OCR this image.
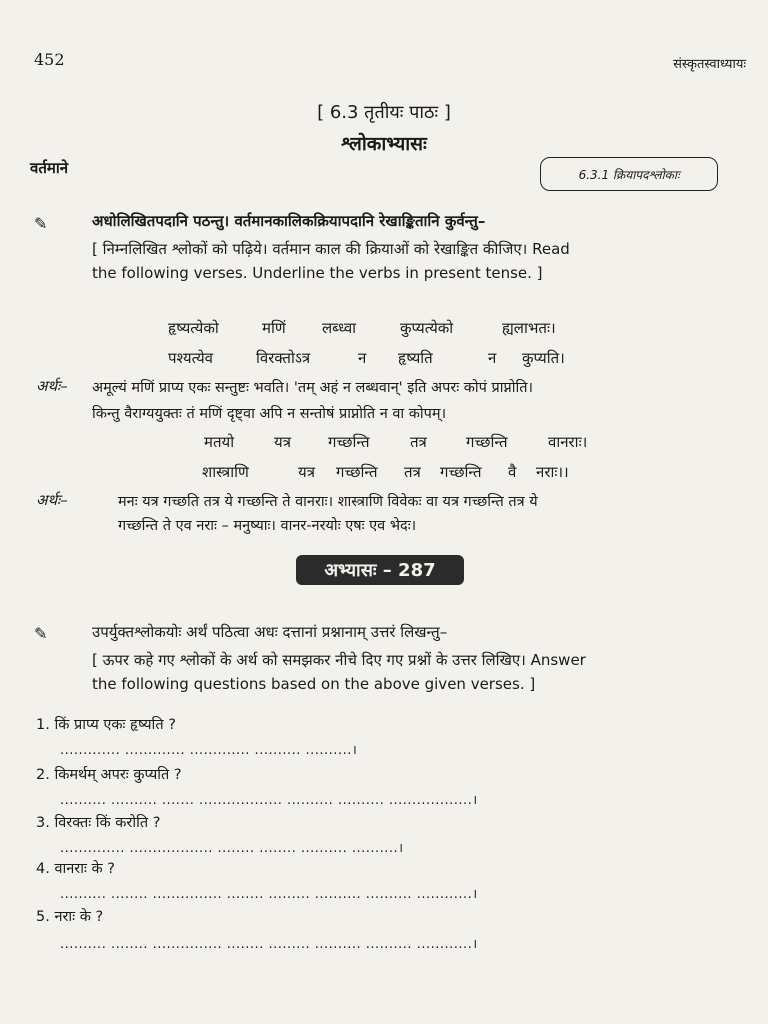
452	संस्कृतस्वाध्यायः
[ 6.3 तृतीयः पाठः ]
श्लोकाभ्यासः
वर्तमाने	6.3.1 क्रियापदश्लोकाः
✎	अधोलिखितपदानि पठन्तु। वर्तमानकालिकक्रियापदानि रेखाङ्कितानि कुर्वन्तु–
[ निम्नलिखित श्लोकों को पढ़िये। वर्तमान काल की क्रियाओं को रेखाङ्कित कीजिए। Read
the following verses. Underline the verbs in present tense. ]
हृष्यत्येको	मणिं लब्ध्वा	कुप्यत्येको	ह्यलाभतः।
पश्यत्येव	विरक्तोऽत्र	न हृष्यति	न कुप्यति।
अर्थः– अमूल्यं मणिं प्राप्य एकः सन्तुष्टः भवति। 'तम् अहं न लब्धवान्' इति अपरः कोपं प्राप्नोति।
किन्तु वैराग्ययुक्तः तं मणिं दृष्ट्वा अपि न सन्तोषं प्राप्नोति न वा कोपम्।
मतयो	यत्र गच्छन्ति	तत्र	गच्छन्ति	वानराः।
शास्त्राणि	यत्र गच्छन्ति तत्र गच्छन्ति वै नराः।।
अर्थः–	मनः यत्र गच्छति तत्र ये गच्छन्ति ते वानराः। शास्त्राणि विवेकः वा यत्र गच्छन्ति तत्र ये
गच्छन्ति ते एव नराः – मनुष्याः। वानर-नरयोः एषः एव भेदः।
अभ्यासः – 287
✎	उपर्युक्तश्लोकयोः अर्थं पठित्वा अधः दत्तानां प्रश्नानाम् उत्तरं लिखन्तु–
[ ऊपर कहे गए श्लोकों के अर्थ को समझकर नीचे दिए गए प्रश्नों के उत्तर लिखिए। Answer
the following questions based on the above given verses. ]
1. किं प्राप्य एकः हृष्यति ?
............. ............. ............. .......... ..........।
2. किमर्थम् अपरः कुप्यति ?
.......... .......... ....... .................. .......... .......... ..................।
3. विरक्तः किं करोति ?
.............. .................. ........ ........ .......... ..........।
4. वानराः के ?
.......... ........ ............... ........ ......... .......... .......... ............।
5. नराः के ?
.......... ........ ............... ........ ......... .......... .......... ............।
